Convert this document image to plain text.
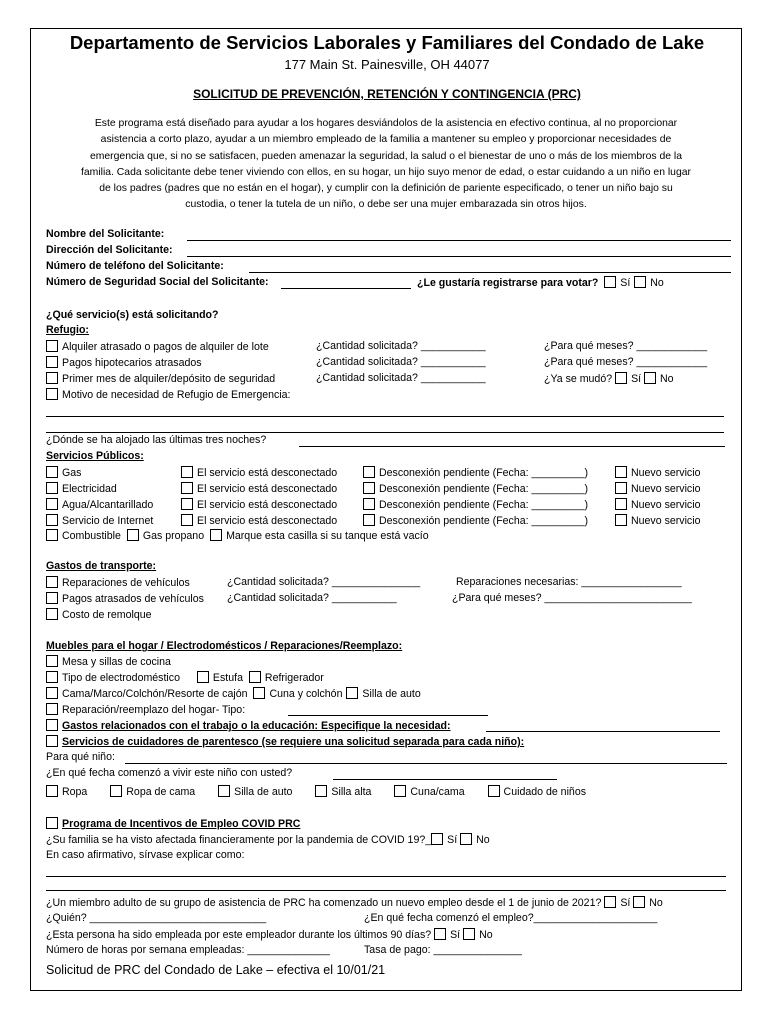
Departamento de Servicios Laborales y Familiares del Condado de Lake
177 Main St. Painesville, OH 44077
SOLICITUD DE PREVENCIÓN, RETENCIÓN Y CONTINGENCIA (PRC)
Este programa está diseñado para ayudar a los hogares desviándolos de la asistencia en efectivo continua, al no proporcionar
asistencia a corto plazo, ayudar a un miembro empleado de la familia a mantener su empleo y proporcionar necesidades de
emergencia que, si no se satisfacen, pueden amenazar la seguridad, la salud o el bienestar de uno o más de los miembros de la
familia. Cada solicitante debe tener viviendo con ellos, en su hogar, un hijo suyo menor de edad, o estar cuidando a un niño en lugar
de los padres (padres que no están en el hogar), y cumplir con la definición de pariente especificado, o tener un niño bajo su
custodia, o tener la tutela de un niño, o debe ser una mujer embarazada sin otros hijos.
Nombre del Solicitante:
Dirección del Solicitante:
Número de teléfono del Solicitante:
Número de Seguridad Social del Solicitante:	¿Le gustaría registrarse para votar? Sí No
¿Qué servicio(s) está solicitando?
Refugio:
Alquiler atrasado o pagos de alquiler de lote	¿Cantidad solicitada? ___________	¿Para qué meses? ____________
Pagos hipotecarios atrasados	¿Cantidad solicitada? ___________	¿Para qué meses? ____________
Primer mes de alquiler/depósito de seguridad	¿Cantidad solicitada? ___________	¿Ya se mudó? Sí No
Motivo de necesidad de Refugio de Emergencia:
¿Dónde se ha alojado las últimas tres noches?
Servicios Públicos:
Combustible Gas propano Marque esta casilla si su tanque está vacío
Gastos de transporte:
Reparaciones de vehículos	¿Cantidad solicitada? _______________	Reparaciones necesarias: _________________
Pagos atrasados de vehículos ¿Cantidad solicitada? ___________	¿Para qué meses? _________________________
Costo de remolque
Muebles para el hogar / Electrodomésticos / Reparaciones/Reemplazo:
Mesa y sillas de cocina
Tipo de electrodoméstico	Estufa Refrigerador
Cama/Marco/Colchón/Resorte de cajón Cuna y colchón Silla de auto
Reparación/reemplazo del hogar- Tipo:
Gastos relacionados con el trabajo o la educación: Especifique la necesidad:
Servicios de cuidadores de parentesco (se requiere una solicitud separada para cada niño):
Para qué niño:
¿En qué fecha comenzó a vivir este niño con usted?
Ropa	Ropa de cama	Silla de auto	Silla alta	Cuna/cama	Cuidado de niños
Programa de Incentivos de Empleo COVID PRC
¿Su familia se ha visto afectada financieramente por la pandemia de COVID 19?_ Sí No
En caso afirmativo, sírvase explicar como:
¿Un miembro adulto de su grupo de asistencia de PRC ha comenzado un nuevo empleo desde el 1 de junio de 2021? Sí No
¿Quién? ______________________________	¿En qué fecha comenzó el empleo?_____________________
¿Esta persona ha sido empleada por este empleador durante los últimos 90 días? Sí No
Número de horas por semana empleadas: ______________	Tasa de pago: _______________
Solicitud de PRC del Condado de Lake – efectiva el 10/01/21
Gas	El servicio está desconectado	Desconexión pendiente (Fecha: _________)	Nuevo servicio
Electricidad	El servicio está desconectado	Desconexión pendiente (Fecha: _________)	Nuevo servicio
Agua/Alcantarillado	El servicio está desconectado	Desconexión pendiente (Fecha: _________)	Nuevo servicio
Servicio de Internet	El servicio está desconectado	Desconexión pendiente (Fecha: _________)	Nuevo servicio
